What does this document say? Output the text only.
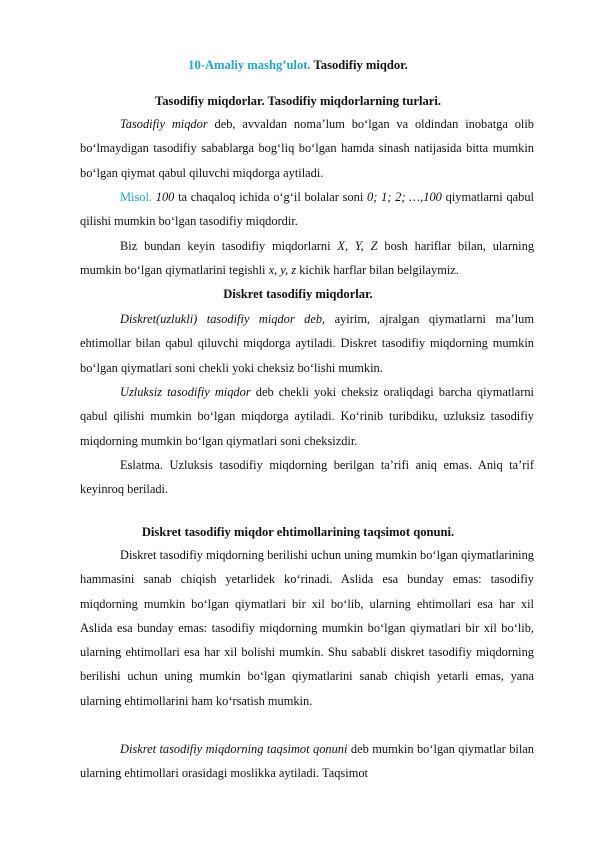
10-Amaliy mashg’ulot. Tasodifiy miqdor.
Tasodifiy miqdorlar. Tasodifiy miqdorlarning turlari.

Tasodifiy miqdor deb, avvaldan noma’lum bo‘lgan va oldindan inobatga olib bo‘lmaydigan tasodifiy sabablarga bog‘liq bo‘lgan hamda sinash natijasida bitta mumkin bo‘lgan qiymat qabul qiluvchi miqdorga aytiladi.

Misol. 100 ta chaqaloq ichida o‘g‘il bolalar soni 0; 1; 2; …,100 qiymatlarni qabul qilishi mumkin bo‘lgan tasodifiy miqdordir.

Biz bundan keyin tasodifiy miqdorlarni X, Y, Z bosh hariflar bilan, ularning mumkin bo‘lgan qiymatlarini tegishli x, y, z kichik harflar bilan belgilaymiz.

Diskret tasodifiy miqdorlar.

Diskret(uzlukli) tasodifiy miqdor deb, ayirim, ajralgan qiymatlarni ma’lum ehtimollar bilan qabul qiluvchi miqdorga aytiladi. Diskret tasodifiy miqdorning mumkin bo‘lgan qiymatlari soni chekli yoki cheksiz bo‘lishi mumkin.

Uzluksiz tasodifiy miqdor deb chekli yoki cheksiz oraliqdagi barcha qiymatlarni qabul qilishi mumkin bo‘lgan miqdorga aytiladi. Ko‘rinib turibdiku, uzluksiz tasodifiy miqdorning mumkin bo‘lgan qiymatlari soni cheksizdir.

Eslatma. Uzluksis tasodifiy miqdorning berilgan ta’rifi aniq emas. Aniq ta’rif keyinroq beriladi.

Diskret tasodifiy miqdor ehtimollarining taqsimot qonuni.

Diskret tasodifiy miqdorning berilishi uchun uning mumkin bo‘lgan qiymatlarining hammasini sanab chiqish yetarlidek ko‘rinadi. Aslida esa bunday emas: tasodifiy miqdorning mumkin bo‘lgan qiymatlari bir xil bo‘lib, ularning ehtimollari esa har xil Aslida esa bunday emas: tasodifiy miqdorning mumkin bo‘lgan qiymatlari bir xil bo‘lib, ularning ehtimollari esa har xil bolishi mumkin. Shu sababli diskret tasodifiy miqdorning berilishi uchun uning mumkin bo‘lgan qiymatlarini sanab chiqish yetarli emas, yana ularning ehtimollarini ham ko‘rsatish mumkin.

Diskret tasodifiy miqdorning taqsimot qonuni deb mumkin bo‘lgan qiymatlar bilan ularning ehtimollari orasidagi moslikka aytiladi. Taqsimot
